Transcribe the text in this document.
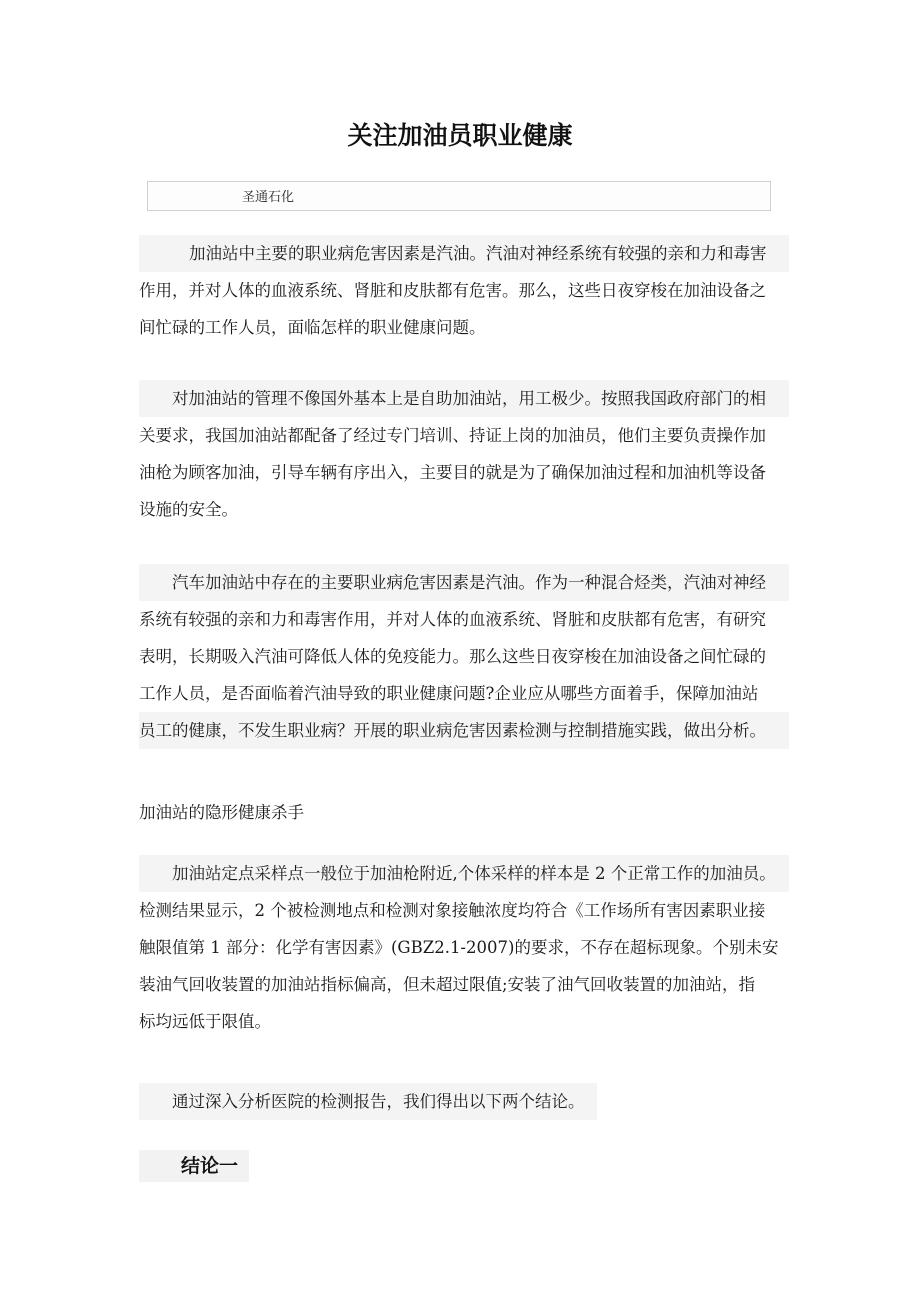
关注加油员职业健康
圣通石化
加油站中主要的职业病危害因素是汽油。汽油对神经系统有较强的亲和力和毒害
作用，并对人体的血液系统、肾脏和皮肤都有危害。那么，这些日夜穿梭在加油设备之
间忙碌的工作人员，面临怎样的职业健康问题。
对加油站的管理不像国外基本上是自助加油站，用工极少。按照我国政府部门的相
关要求，我国加油站都配备了经过专门培训、持证上岗的加油员，他们主要负责操作加
油枪为顾客加油，引导车辆有序出入，主要目的就是为了确保加油过程和加油机等设备
设施的安全。
汽车加油站中存在的主要职业病危害因素是汽油。作为一种混合烃类，汽油对神经
系统有较强的亲和力和毒害作用，并对人体的血液系统、肾脏和皮肤都有危害，有研究
表明，长期吸入汽油可降低人体的免疫能力。那么这些日夜穿梭在加油设备之间忙碌的
工作人员，是否面临着汽油导致的职业健康问题?企业应从哪些方面着手，保障加油站
员工的健康，不发生职业病？开展的职业病危害因素检测与控制措施实践，做出分析。
加油站的隐形健康杀手
加油站定点采样点一般位于加油枪附近,个体采样的样本是 2 个正常工作的加油员。
检测结果显示，2 个被检测地点和检测对象接触浓度均符合《工作场所有害因素职业接
触限值第 1 部分：化学有害因素》(GBZ2.1-2007)的要求，不存在超标现象。个别未安
装油气回收装置的加油站指标偏高，但未超过限值;安装了油气回收装置的加油站，指
标均远低于限值。
通过深入分析医院的检测报告，我们得出以下两个结论。
结论一
